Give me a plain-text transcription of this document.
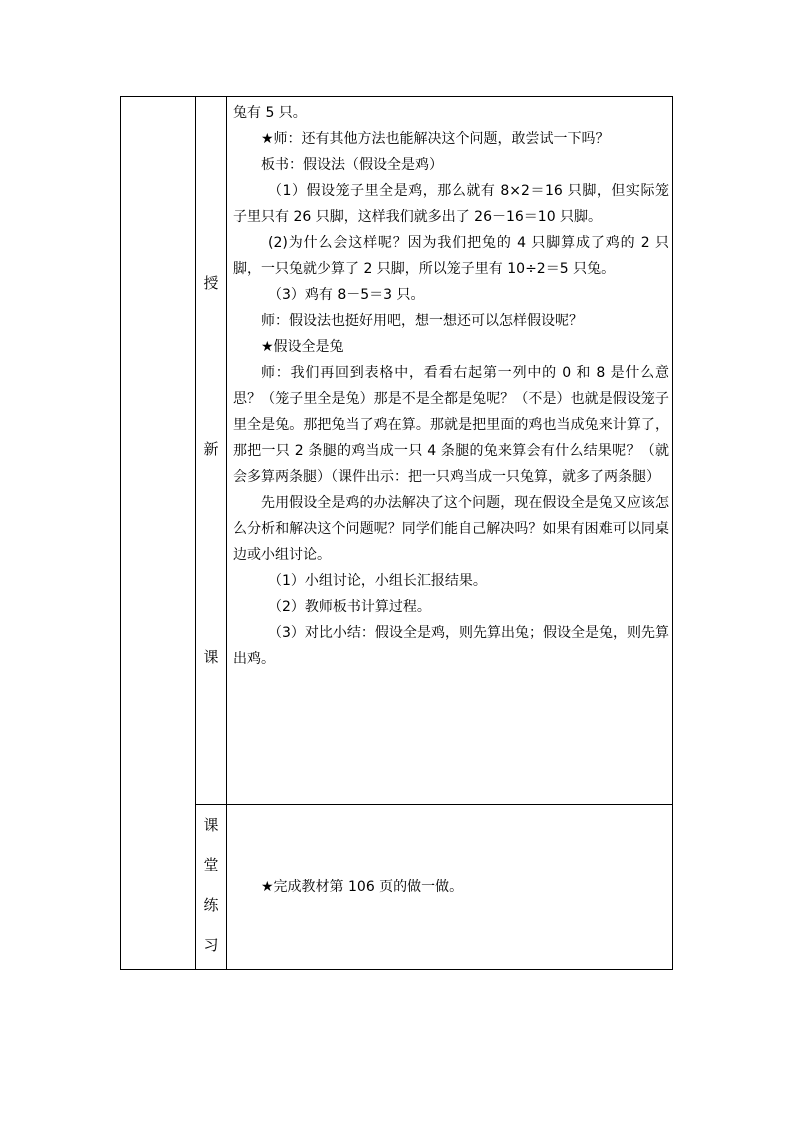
授
新
课
课
堂
练
习

兔有 5 只。

★师：还有其他方法也能解决这个问题，敢尝试一下吗？

板书：假设法（假设全是鸡）

（1）假设笼子里全是鸡，那么就有 8×2＝16 只脚，但实际笼子里只有 26 只脚，这样我们就多出了 26－16＝10 只脚。

(2)为什么会这样呢？因为我们把兔的 4 只脚算成了鸡的 2 只脚，一只兔就少算了 2 只脚，所以笼子里有 10÷2＝5 只兔。

（3）鸡有 8－5＝3 只。

师：假设法也挺好用吧，想一想还可以怎样假设呢？

★假设全是兔

师：我们再回到表格中，看看右起第一列中的 0 和 8 是什么意思？（笼子里全是兔）那是不是全都是兔呢？（不是）也就是假设笼子里全是兔。那把兔当了鸡在算。那就是把里面的鸡也当成兔来计算了，那把一只 2 条腿的鸡当成一只 4 条腿的兔来算会有什么结果呢？（就会多算两条腿）（课件出示：把一只鸡当成一只兔算，就多了两条腿）

先用假设全是鸡的办法解决了这个问题，现在假设全是兔又应该怎么分析和解决这个问题呢？同学们能自己解决吗？如果有困难可以同桌边或小组讨论。

（1）小组讨论，小组长汇报结果。

（2）教师板书计算过程。

（3）对比小结：假设全是鸡，则先算出兔；假设全是兔，则先算出鸡。

★完成教材第 106 页的做一做。
